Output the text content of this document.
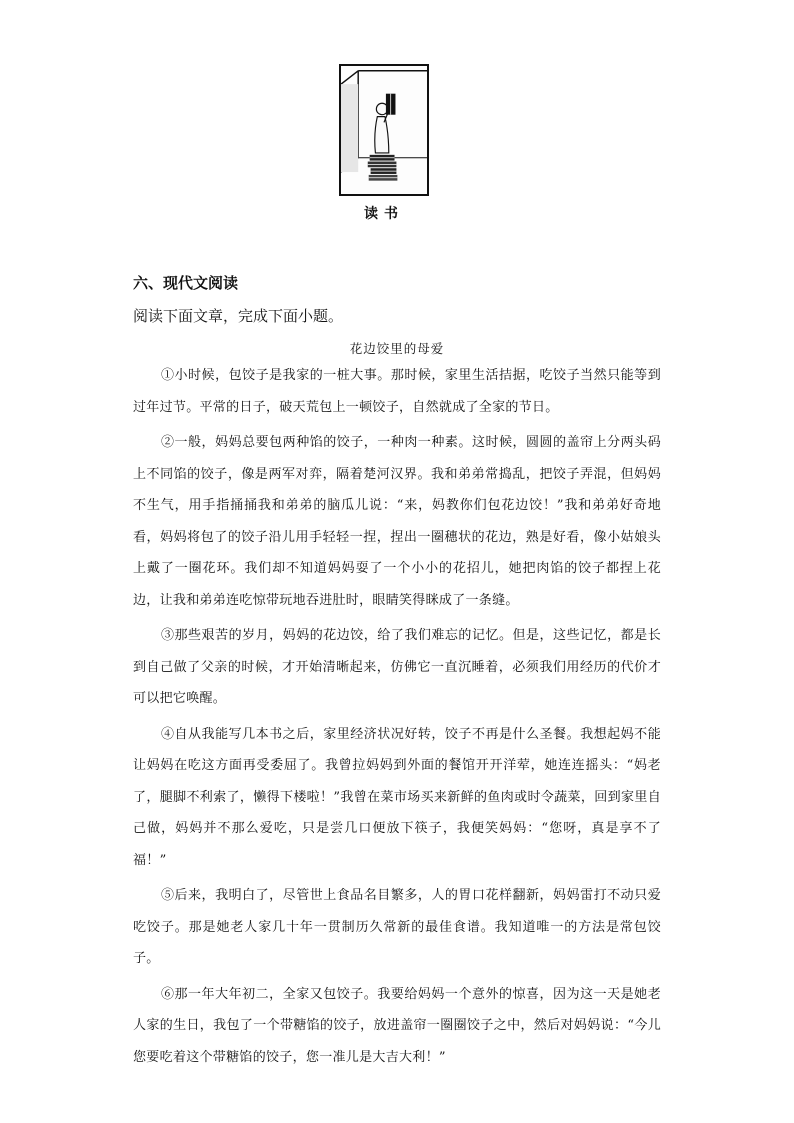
读书
六、现代文阅读
阅读下面文章，完成下面小题。
花边饺里的母爱

①小时候，包饺子是我家的一桩大事。那时候，家里生活拮据，吃饺子当然只能等到过年过节。平常的日子，破天荒包上一顿饺子，自然就成了全家的节日。

②一般，妈妈总要包两种馅的饺子，一种肉一种素。这时候，圆圆的盖帘上分两头码上不同馅的饺子，像是两军对弈，隔着楚河汉界。我和弟弟常捣乱，把饺子弄混，但妈妈不生气，用手指捅捅我和弟弟的脑瓜儿说：“来，妈教你们包花边饺！”我和弟弟好奇地看，妈妈将包了的饺子沿儿用手轻轻一捏，捏出一圈穗状的花边，熟是好看，像小姑娘头上戴了一圈花环。我们却不知道妈妈耍了一个小小的花招儿，她把肉馅的饺子都捏上花边，让我和弟弟连吃惊带玩地吞进肚时，眼睛笑得眯成了一条缝。

③那些艰苦的岁月，妈妈的花边饺，给了我们难忘的记忆。但是，这些记忆，都是长到自己做了父亲的时候，才开始清晰起来，仿佛它一直沉睡着，必须我们用经历的代价才可以把它唤醒。

④自从我能写几本书之后，家里经济状况好转，饺子不再是什么圣餐。我想起妈不能让妈妈在吃这方面再受委屈了。我曾拉妈妈到外面的餐馆开开洋荤，她连连摇头：“妈老了，腿脚不利索了，懒得下楼啦！”我曾在菜市场买来新鲜的鱼肉或时令蔬菜，回到家里自己做，妈妈并不那么爱吃，只是尝几口便放下筷子，我便笑妈妈：“您呀，真是享不了福！”

⑤后来，我明白了，尽管世上食品名目繁多，人的胃口花样翻新，妈妈雷打不动只爱吃饺子。那是她老人家几十年一贯制历久常新的最佳食谱。我知道唯一的方法是常包饺子。

⑥那一年大年初二，全家又包饺子。我要给妈妈一个意外的惊喜，因为这一天是她老人家的生日，我包了一个带糖馅的饺子，放进盖帘一圈圈饺子之中，然后对妈妈说：“今儿您要吃着这个带糖馅的饺子，您一准儿是大吉大利！”
